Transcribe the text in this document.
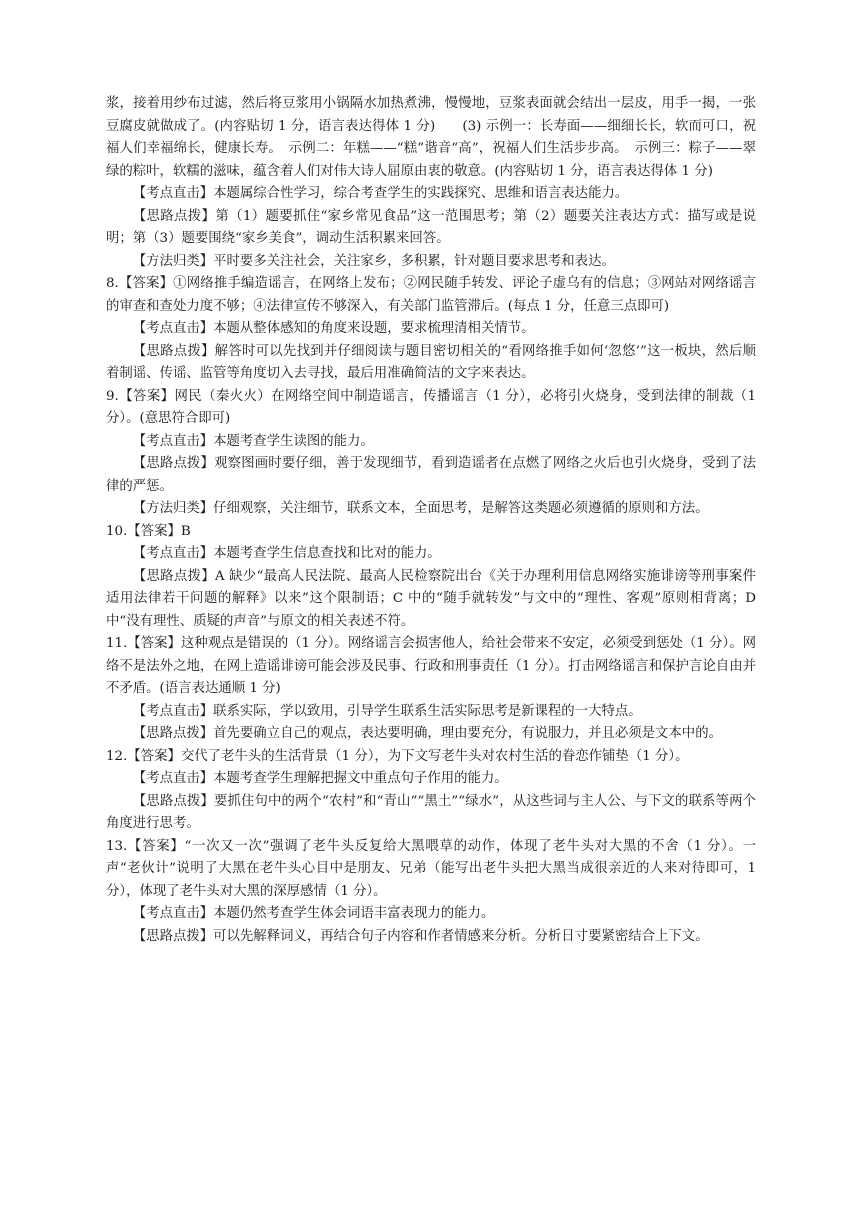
浆，接着用纱布过滤，然后将豆浆用小锅隔水加热煮沸，慢慢地，豆浆表面就会结出一层皮，用手一揭，一张豆腐皮就做成了。(内容贴切 1 分，语言表达得体 1 分)　　(3) 示例一：长寿面——细细长长，软而可口，祝福人们幸福绵长，健康长寿。　示例二：年糕——“糕”谐音“高”，祝福人们生活步步高。　示例三：粽子——翠绿的粽叶，软糯的滋味，蕴含着人们对伟大诗人屈原由衷的敬意。(内容贴切 1 分，语言表达得体 1 分)

【考点直击】本题属综合性学习，综合考查学生的实践探究、思维和语言表达能力。

【思路点拨】第（1）题要抓住“家乡常见食品”这一范围思考；第（2）题要关注表达方式：描写或是说明；第（3）题要围绕“家乡美食”，调动生活积累来回答。

【方法归类】平时要多关注社会，关注家乡，多积累，针对题目要求思考和表达。

8.【答案】①网络推手编造谣言，在网络上发布；②网民随手转发、评论子虚乌有的信息；③网站对网络谣言的审查和查处力度不够；④法律宣传不够深入，有关部门监管滞后。(每点 1 分，任意三点即可)

【考点直击】本题从整体感知的角度来设题，要求梳理清相关情节。

【思路点拨】解答时可以先找到并仔细阅读与题目密切相关的“看网络推手如何‘忽悠’”这一板块，然后顺着制谣、传谣、监管等角度切入去寻找，最后用准确简洁的文字来表达。

9.【答案】网民（秦火火）在网络空间中制造谣言，传播谣言（1 分），必将引火烧身，受到法律的制裁（1 分）。(意思符合即可)

【考点直击】本题考查学生读图的能力。

【思路点拨】观察图画时要仔细，善于发现细节，看到造谣者在点燃了网络之火后也引火烧身，受到了法律的严惩。

【方法归类】仔细观察，关注细节，联系文本，全面思考，是解答这类题必须遵循的原则和方法。

10.【答案】B

【考点直击】本题考查学生信息查找和比对的能力。

【思路点拨】A 缺少“最高人民法院、最高人民检察院出台《关于办理利用信息网络实施诽谤等刑事案件适用法律若干问题的解释》以来”这个限制语；C 中的“随手就转发”与文中的“理性、客观”原则相背离；D 中“没有理性、质疑的声音”与原文的相关表述不符。

11.【答案】这种观点是错误的（1 分）。网络谣言会损害他人，给社会带来不安定，必须受到惩处（1 分）。网络不是法外之地，在网上造谣诽谤可能会涉及民事、行政和刑事责任（1 分）。打击网络谣言和保护言论自由并不矛盾。(语言表达通顺 1 分)

【考点直击】联系实际，学以致用，引导学生联系生活实际思考是新课程的一大特点。

【思路点拨】首先要确立自己的观点，表达要明确，理由要充分，有说服力，并且必须是文本中的。

12.【答案】交代了老牛头的生活背景（1 分），为下文写老牛头对农村生活的眷恋作铺垫（1 分）。

【考点直击】本题考查学生理解把握文中重点句子作用的能力。

【思路点拨】要抓住句中的两个“农村”和“青山”“黑土”“绿水”，从这些词与主人公、与下文的联系等两个角度进行思考。

13.【答案】“一次又一次”强调了老牛头反复给大黑喂草的动作，体现了老牛头对大黑的不舍（1 分）。一声“老伙计”说明了大黑在老牛头心目中是朋友、兄弟（能写出老牛头把大黑当成很亲近的人来对待即可，1 分），体现了老牛头对大黑的深厚感情（1 分）。

【考点直击】本题仍然考查学生体会词语丰富表现力的能力。

【思路点拨】可以先解释词义，再结合句子内容和作者情感来分析。分析日寸要紧密结合上下文。
